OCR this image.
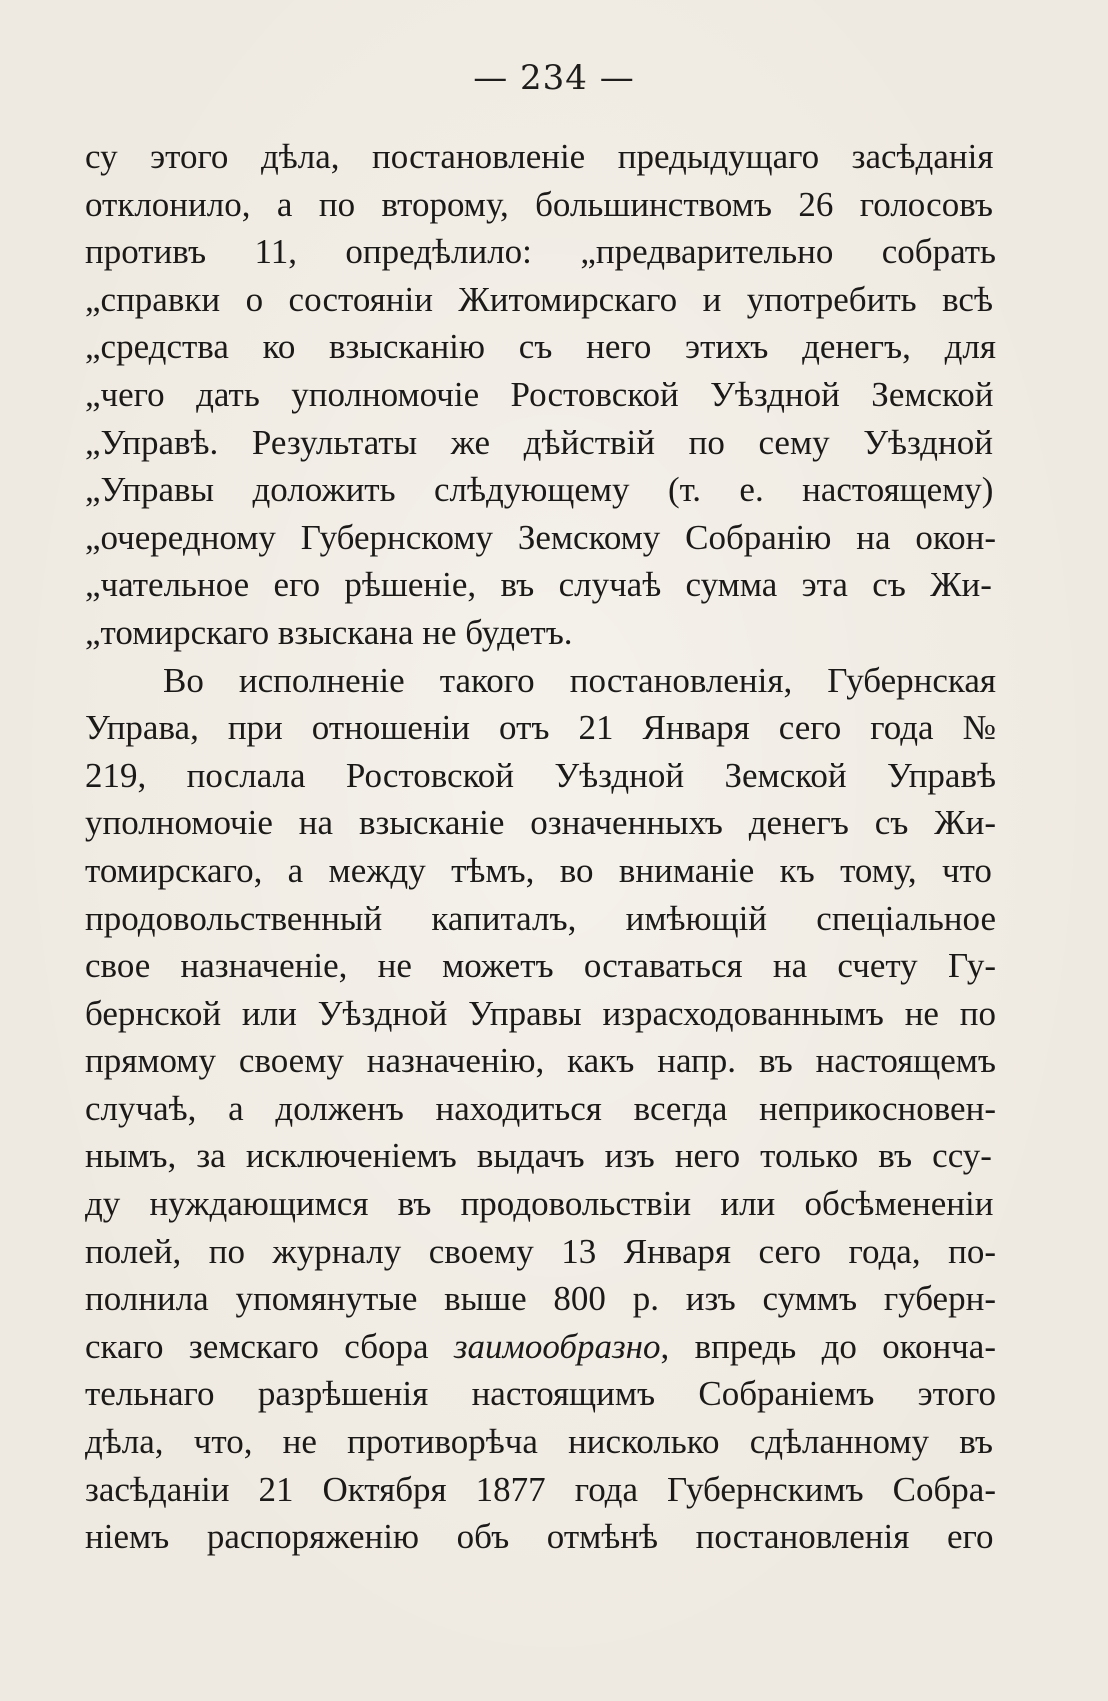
— 234 —
су этого дѣла, постановленіе предыдущаго засѣданія
отклонило, а по второму, большинствомъ 26 голосовъ
противъ 11, опредѣлило: „предварительно собрать
„справки о состояніи Житомирскаго и употребить всѣ
„средства ко взысканію съ него этихъ денегъ, для
„чего дать уполномочіе Ростовской Уѣздной Земской
„Управѣ. Результаты же дѣйствій по сему Уѣздной
„Управы доложить слѣдующему (т. е. настоящему)
„очередному Губернскому Земскому Собранію на окон-
„чательное его рѣшеніе, въ случаѣ сумма эта съ Жи-
„томирскаго взыскана не будетъ.
Во исполненіе такого постановленія, Губернская
Управа, при отношеніи отъ 21 Января сего года №
219, послала Ростовской Уѣздной Земской Управѣ
уполномочіе на взысканіе означенныхъ денегъ съ Жи-
томирскаго, а между тѣмъ, во вниманіе къ тому, что
продовольственный капиталъ, имѣющій спеціальное
свое назначеніе, не можетъ оставаться на счету Гу-
бернской или Уѣздной Управы израсходованнымъ не по
прямому своему назначенію, какъ напр. въ настоящемъ
случаѣ, а долженъ находиться всегда неприкосновен-
нымъ, за исключеніемъ выдачъ изъ него только въ ссу-
ду нуждающимся въ продовольствіи или обсѣмененіи
полей, по журналу своему 13 Января сего года, по-
полнила упомянутые выше 800 р. изъ суммъ губерн-
скаго земскаго сбора заимообразно, впредь до оконча-
тельнаго разрѣшенія настоящимъ Собраніемъ этого
дѣла, что, не противорѣча нисколько сдѣланному въ
засѣданіи 21 Октября 1877 года Губернскимъ Собра-
ніемъ распоряженію объ отмѣнѣ постановленія его
